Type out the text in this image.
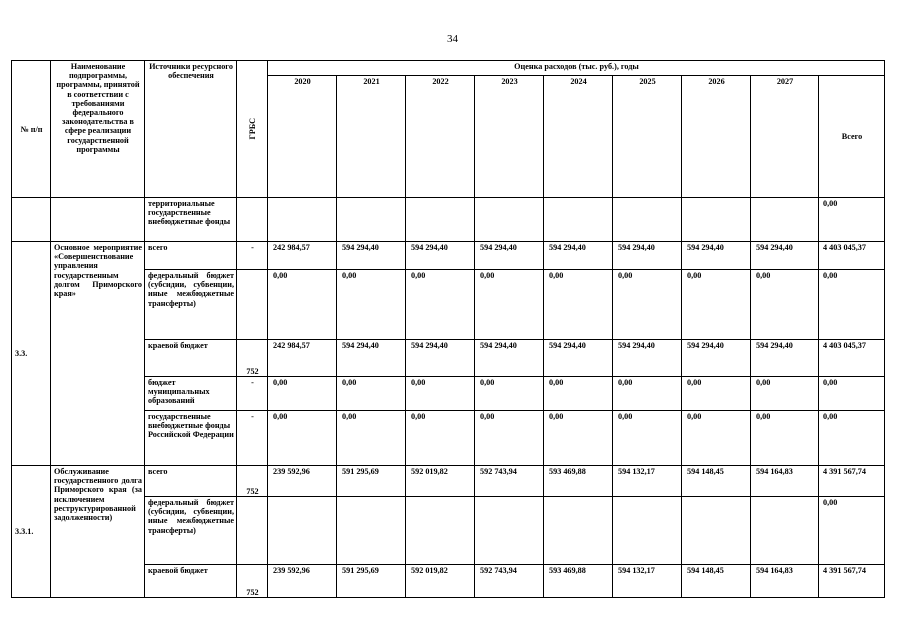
34
№ п/п	Наименование подпрограммы, программы, принятой в соответствии с требованиями федерального законодательства в сфере реализации государственной программы	Источники ресурсного обеспечения	ГРБС	Оценка расходов (тыс. руб.), годы								
				2020	2021	2022	2023	2024	2025	2026	2027	Всего
		территориальные государственные внебюджетные фонды										0,00
3.3.	Основное мероприятие «Совершенствование управления государственным долгом Приморского края»	всего	-	242 984,57	594 294,40	594 294,40	594 294,40	594 294,40	594 294,40	594 294,40	594 294,40	4 403 045,37
		федеральный бюджет (субсидии, субвенции, иные межбюджетные трансферты)		0,00	0,00	0,00	0,00	0,00	0,00	0,00	0,00	0,00
		краевой бюджет	752	242 984,57	594 294,40	594 294,40	594 294,40	594 294,40	594 294,40	594 294,40	594 294,40	4 403 045,37
		бюджет муниципальных образований	-	0,00	0,00	0,00	0,00	0,00	0,00	0,00	0,00	0,00
		государственные внебюджетные фонды Российской Федерации	-	0,00	0,00	0,00	0,00	0,00	0,00	0,00	0,00	0,00
3.3.1.	Обслуживание государственного долга Приморского края (за исключением реструктурированной задолженности)	всего	752	239 592,96	591 295,69	592 019,82	592 743,94	593 469,88	594 132,17	594 148,45	594 164,83	4 391 567,74
		федеральный бюджет (субсидии, субвенции, иные межбюджетные трансферты)										0,00
		краевой бюджет	752	239 592,96	591 295,69	592 019,82	592 743,94	593 469,88	594 132,17	594 148,45	594 164,83	4 391 567,74
